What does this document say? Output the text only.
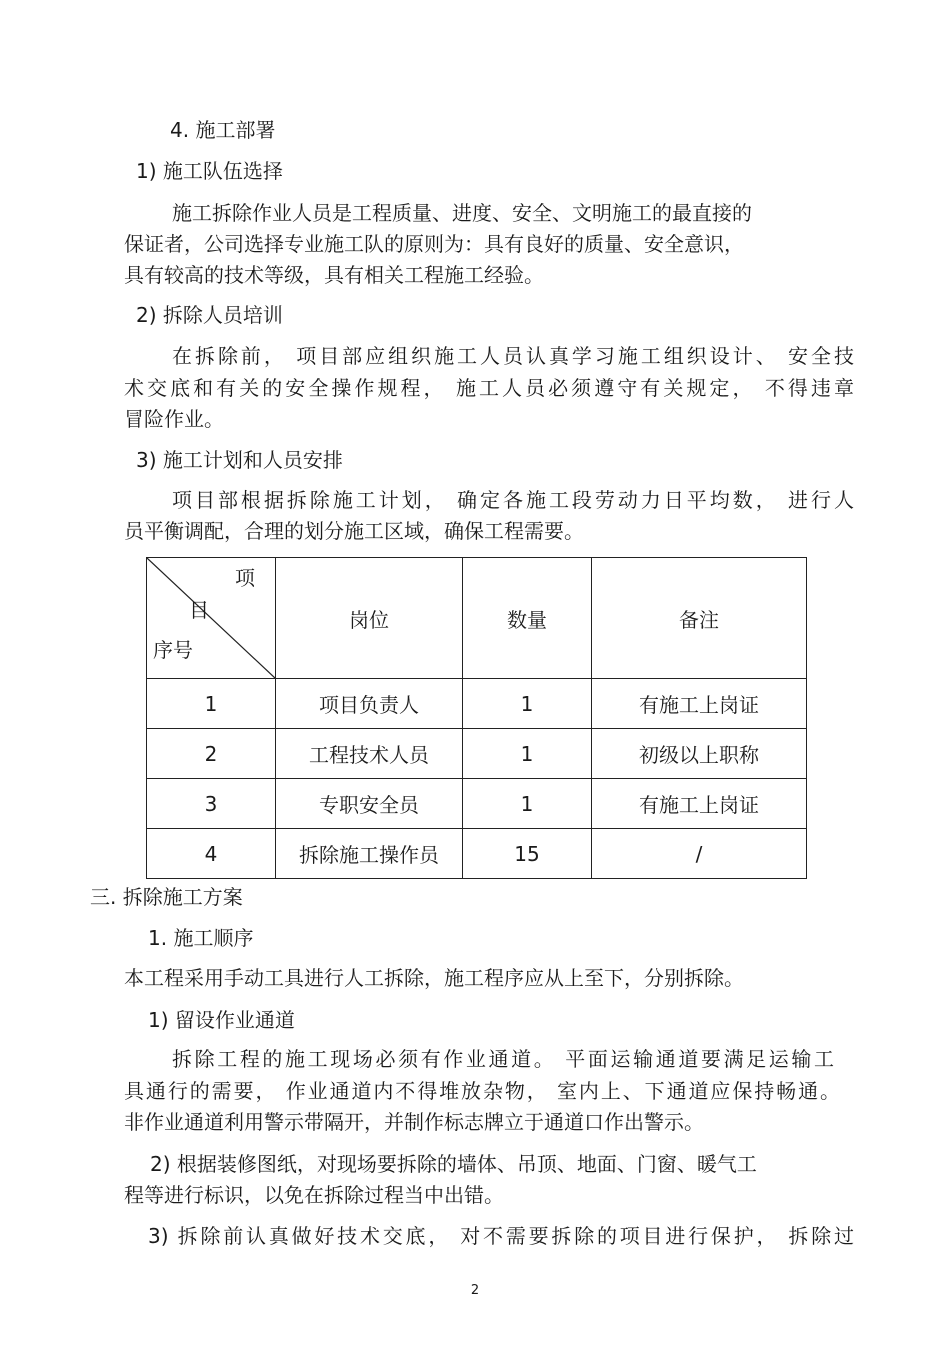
4. 施工部署
1) 施工队伍选择
施工拆除作业人员是工程质量、进度、安全、文明施工的最直接的
保证者，公司选择专业施工队的原则为：具有良好的质量、安全意识，
具有较高的技术等级，具有相关工程施工经验。
2) 拆除人员培训
在拆除前， 项目部应组织施工人员认真学习施工组织设计、 安全技
术交底和有关的安全操作规程， 施工人员必须遵守有关规定， 不得违章
冒险作业。
3) 施工计划和人员安排
项目部根据拆除施工计划， 确定各施工段劳动力日平均数， 进行人
员平衡调配，合理的划分施工区域，确保工程需要。
项
目
序号	岗位	数量	备注
1	项目负责人	1	有施工上岗证
2	工程技术人员	1	初级以上职称
3	专职安全员	1	有施工上岗证
4	拆除施工操作员	15	/
三. 拆除施工方案
1. 施工顺序
本工程采用手动工具进行人工拆除，施工程序应从上至下，分别拆除。
1) 留设作业通道
拆除工程的施工现场必须有作业通道。 平面运输通道要满足运输工
具通行的需要， 作业通道内不得堆放杂物， 室内上、下通道应保持畅通。
非作业通道利用警示带隔开，并制作标志牌立于通道口作出警示。
2) 根据装修图纸，对现场要拆除的墙体、吊顶、地面、门窗、暖气工
程等进行标识，以免在拆除过程当中出错。
3) 拆除前认真做好技术交底， 对不需要拆除的项目进行保护， 拆除过
2
